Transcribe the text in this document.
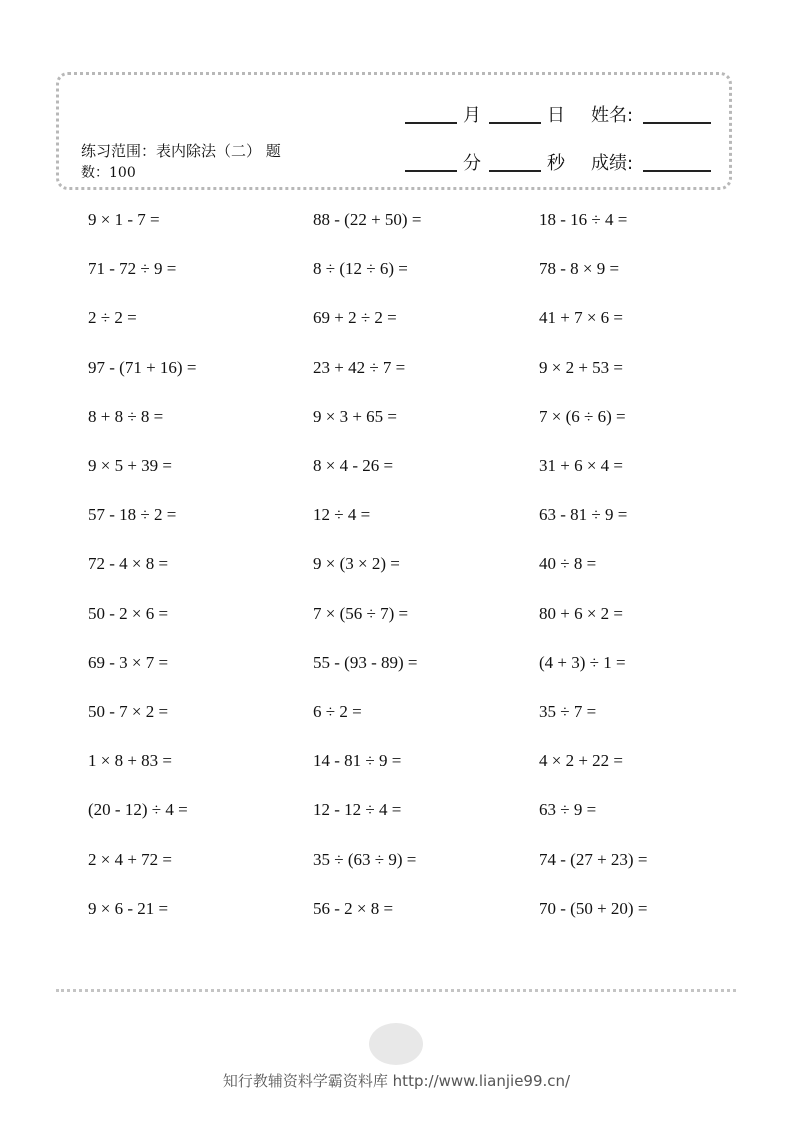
练习范围：表内除法（二） 题
数：100
月	日 姓名:
分	秒 成绩:
9 × 1 - 7 =	88 - (22 + 50) =	18 - 16 ÷ 4 =
71 - 72 ÷ 9 =	8 ÷ (12 ÷ 6) =	78 - 8 × 9 =
2 ÷ 2 =	69 + 2 ÷ 2 =	41 + 7 × 6 =
97 - (71 + 16) =	23 + 42 ÷ 7 =	9 × 2 + 53 =
8 + 8 ÷ 8 =	9 × 3 + 65 =	7 × (6 ÷ 6) =
9 × 5 + 39 =	8 × 4 - 26 =	31 + 6 × 4 =
57 - 18 ÷ 2 =	12 ÷ 4 =	63 - 81 ÷ 9 =
72 - 4 × 8 =	9 × (3 × 2) =	40 ÷ 8 =
50 - 2 × 6 =	7 × (56 ÷ 7) =	80 + 6 × 2 =
69 - 3 × 7 =	55 - (93 - 89) =	(4 + 3) ÷ 1 =
50 - 7 × 2 =	6 ÷ 2 =	35 ÷ 7 =
1 × 8 + 83 =	14 - 81 ÷ 9 =	4 × 2 + 22 =
(20 - 12) ÷ 4 =	12 - 12 ÷ 4 =	63 ÷ 9 =
2 × 4 + 72 =	35 ÷ (63 ÷ 9) =	74 - (27 + 23) =
9 × 6 - 21 =	56 - 2 × 8 =	70 - (50 + 20) =
知行教辅资料学霸资料库 http://www.lianjie99.cn/
